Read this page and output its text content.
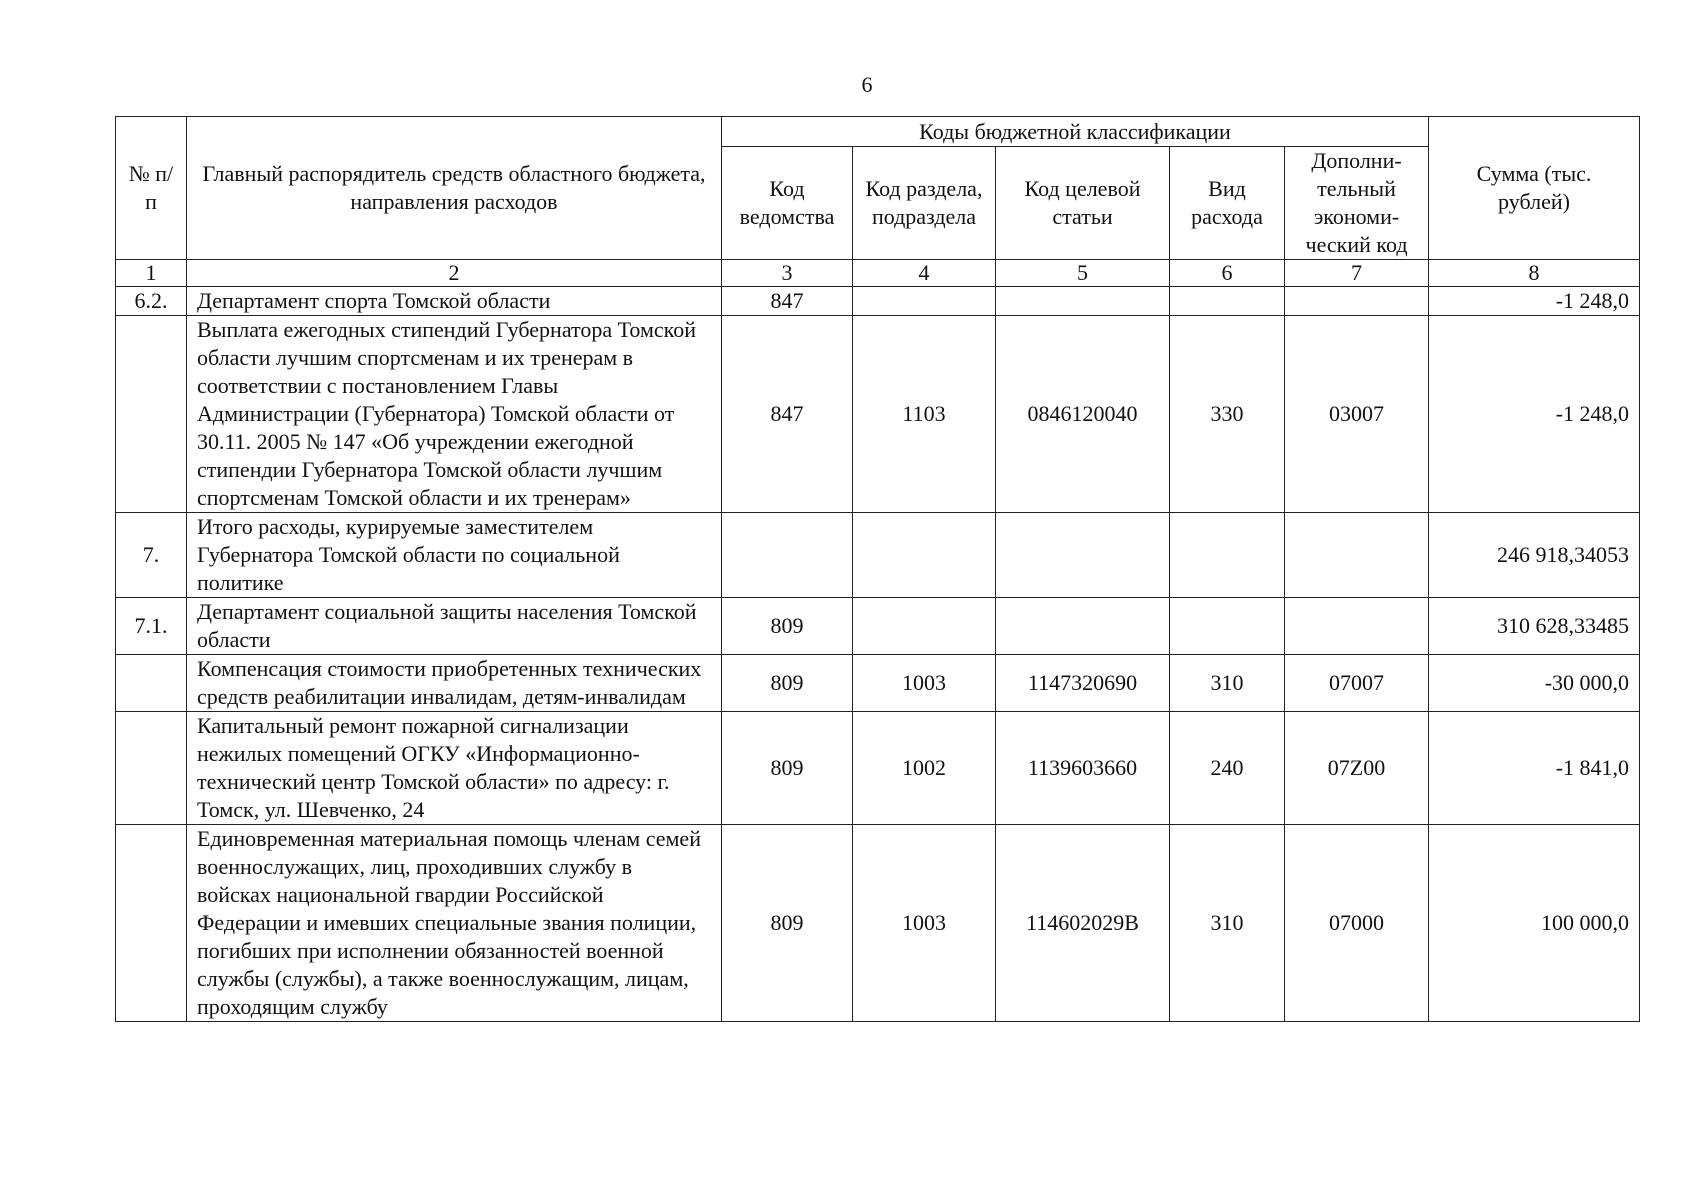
6
№ п/п	Главный распорядитель средств областного бюджета, направления расходов	Коды бюджетной классификации					Сумма (тыс. рублей)
		Код ведомства	Код раздела, подраздела	Код целевой статьи	Вид расхода	Дополни-тельный экономи-ческий код	
1	2	3	4	5	6	7	8
6.2.	Департамент спорта Томской области	847					-1 248,0
	Выплата ежегодных стипендий Губернатора Томской области лучшим спортсменам и их тренерам в соответствии с постановлением Главы Администрации (Губернатора) Томской области от 30.11. 2005 № 147 «Об учреждении ежегодной стипендии Губернатора Томской области лучшим спортсменам Томской области и их тренерам»	847	1103	0846120040	330	03007	-1 248,0
7.	Итого расходы, курируемые заместителем Губернатора Томской области по социальной политике						246 918,34053
7.1.	Департамент социальной защиты населения Томской области	809					310 628,33485
	Компенсация стоимости приобретенных технических средств реабилитации инвалидам, детям-инвалидам	809	1003	1147320690	310	07007	-30 000,0
	Капитальный ремонт пожарной сигнализации нежилых помещений ОГКУ «Информационно-технический центр Томской области» по адресу: г. Томск, ул. Шевченко, 24	809	1002	1139603660	240	07Z00	-1 841,0
	Единовременная материальная помощь членам семей военнослужащих, лиц, проходивших службу в войсках национальной гвардии Российской Федерации и имевших специальные звания полиции, погибших при исполнении обязанностей военной службы (службы), а также военнослужащим, лицам, проходящим службу	809	1003	114602029B	310	07000	100 000,0
